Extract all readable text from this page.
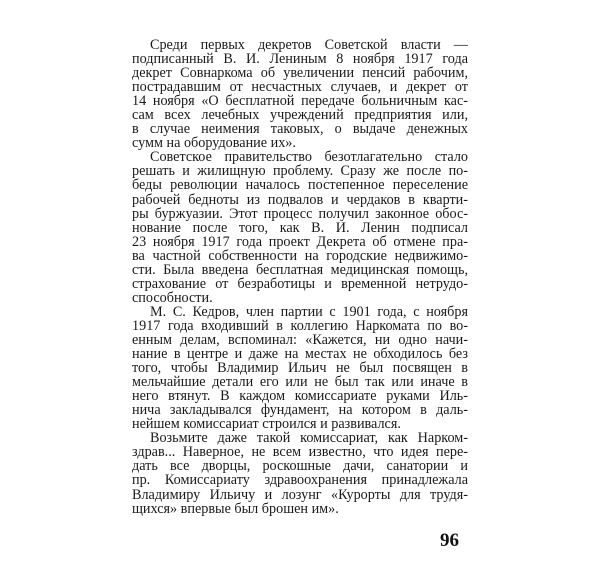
Среди первых декретов Советской власти —
подписанный В. И. Лениным 8 ноября 1917 года
декрет Совнаркома об увеличении пенсий рабочим,
пострадавшим от несчастных случаев, и декрет от
14 ноября «О бесплатной передаче больничным кас-
сам всех лечебных учреждений предприятия или,
в случае неимения таковых, о выдаче денежных
сумм на оборудование их».
Советское правительство безотлагательно стало
решать и жилищную проблему. Сразу же после по-
беды революции началось постепенное переселение
рабочей бедноты из подвалов и чердаков в кварти-
ры буржуазии. Этот процесс получил законное обос-
нование после того, как В. И. Ленин подписал
23 ноября 1917 года проект Декрета об отмене пра-
ва частной собственности на городские недвижимо-
сти. Была введена бесплатная медицинская помощь,
страхование от безработицы и временной нетрудо-
способности.
М. С. Кедров, член партии с 1901 года, с ноября
1917 года входивший в коллегию Наркомата по во-
енным делам, вспоминал: «Кажется, ни одно начи-
нание в центре и даже на местах не обходилось без
того, чтобы Владимир Ильич не был посвящен в
мельчайшие детали его или не был так или иначе в
него втянут. В каждом комиссариате руками Иль-
нича закладывался фундамент, на котором в даль-
нейшем комиссариат строился и развивался.
Возьмите даже такой комиссариат, как Нарком-
здрав... Наверное, не всем известно, что идея пере-
дать все дворцы, роскошные дачи, санатории и
пр. Комиссариату здравоохранения принадлежала
Владимиру Ильичу и лозунг «Курорты для трудя-
щихся» впервые был брошен им».
96
